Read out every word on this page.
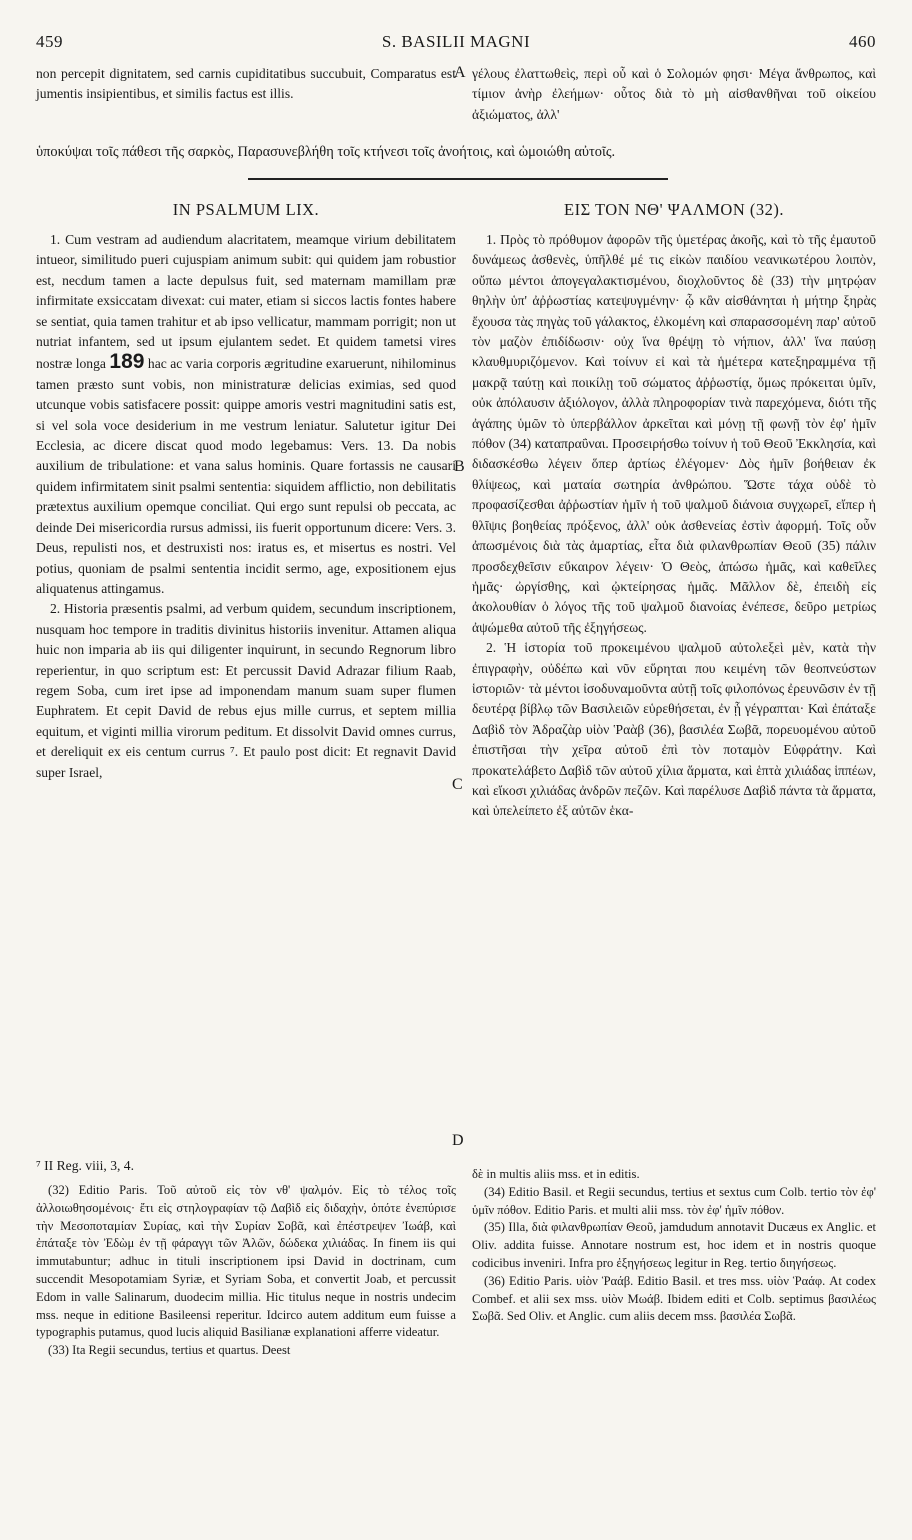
459	S. BASILII MAGNI	460

non percepit dignitatem, sed carnis cupiditatibus succubuit, Comparatus est jumentis insipientibus, et similis factus est illis.

A γέλους ἐλαττωθεὶς, περὶ οὗ καὶ ὁ Σολομών φησι· Μέγα ἄνθρωπος, καὶ τίμιον ἀνὴρ ἐλεήμων· οὗτος διὰ τὸ μὴ αἰσθανθῆναι τοῦ οἰκείου ἀξιώματος, ἀλλ'

ὑποκύψαι τοῖς πάθεσι τῆς σαρκὸς, Παρασυνεβλήθη τοῖς κτήνεσι τοῖς ἀνοήτοις, καὶ ὡμοιώθη αὐτοῖς.
IN PSALMUM LIX.	ΕΙΣ ΤΟΝ ΝΘ' ΨΑΛΜΟΝ (32).

1. Cum vestram ad audiendum alacritatem, meamque virium debilitatem intueor, similitudo pueri cujuspiam animum subit: qui quidem jam robustior est, necdum tamen a lacte depulsus fuit, sed maternam mamillam præ infirmitate exsiccatam divexat: cui mater, etiam si siccos lactis fontes habere se sentiat, quia tamen trahitur et ab ipso vellicatur, mammam porrigit; non ut nutriat infantem, sed ut ipsum ejulantem sedet. Et quidem tametsi vires nostræ longa 189 hac ac varia corporis ægritudine exaruerunt, nihilominus tamen præsto sunt vobis, non ministraturæ delicias eximias, sed quod utcunque vobis satisfacere possit: quippe amoris vestri magnitudini satis est, si vel sola voce desiderium in me vestrum leniatur. Salutetur igitur Dei Ecclesia, ac dicere discat quod modo legebamus: Vers. 13. Da nobis auxilium de tribulatione: et vana salus hominis. Quare fortassis ne causari quidem infirmitatem sinit psalmi sententia: siquidem afflictio, non debilitatis prætextus auxilium opemque conciliat. Qui ergo sunt repulsi ob peccata, ac deinde Dei misericordia rursus admissi, iis fuerit opportunum dicere: Vers. 3. Deus, repulisti nos, et destruxisti nos: iratus es, et misertus es nostri. Vel potius, quoniam de psalmi sententia incidit sermo, age, expositionem ejus aliquatenus attingamus.

2. Historia præsentis psalmi, ad verbum quidem, secundum inscriptionem, nusquam hoc tempore in traditis divinitus historiis invenitur. Attamen aliqua huic non imparia ab iis qui diligenter inquirunt, in secundo Regnorum libro reperientur, in quo scriptum est: Et percussit David Adrazar filium Raab, regem Soba, cum iret ipse ad imponendam manum suam super flumen Euphratem. Et cepit David de rebus ejus mille currus, et septem millia equitum, et viginti millia virorum peditum. Et dissolvit David omnes currus, et dereliquit ex eis centum currus ⁷. Et paulo post dicit: Et regnavit David super Israel,

B
C
D

1. Πρὸς τὸ πρόθυμον ἀφορῶν τῆς ὑμετέρας ἀκοῆς, καὶ τὸ τῆς ἐμαυτοῦ δυνάμεως ἀσθενὲς, ὑπῆλθέ μέ τις εἰκὼν παιδίου νεανικωτέρου λοιπὸν, οὔπω μέντοι ἀπογεγαλακτισμένου, διοχλοῦντος δὲ (33) τὴν μητρῴαν θηλὴν ὑπ' ἀῤῥωστίας κατεψυγμένην· ᾧ κἂν αἰσθάνηται ἡ μήτηρ ξηρὰς ἔχουσα τὰς πηγὰς τοῦ γάλακτος, ἑλκομένη καὶ σπαρασσομένη παρ' αὐτοῦ τὸν μαζὸν ἐπιδίδωσιν· οὐχ ἵνα θρέψῃ τὸ νήπιον, ἀλλ' ἵνα παύσῃ κλαυθμυριζόμενον. Καὶ τοίνυν εἰ καὶ τὰ ἡμέτερα κατεξηραμμένα τῇ μακρᾷ ταύτῃ καὶ ποικίλῃ τοῦ σώματος ἀῤῥωστίᾳ, ὅμως πρόκειται ὑμῖν, οὐκ ἀπόλαυσιν ἀξιόλογον, ἀλλὰ πληροφορίαν τινὰ παρεχόμενα, διότι τῆς ἀγάπης ὑμῶν τὸ ὑπερβάλλον ἀρκεῖται καὶ μόνῃ τῇ φωνῇ τὸν ἐφ' ἡμῖν πόθον (34) καταπραΰναι. Προσειρήσθω τοίνυν ἡ τοῦ Θεοῦ Ἐκκλησία, καὶ διδασκέσθω λέγειν ὅπερ ἀρτίως ἐλέγομεν· Δὸς ἡμῖν βοήθειαν ἐκ θλίψεως, καὶ ματαία σωτηρία ἀνθρώπου. Ὥστε τάχα οὐδὲ τὸ προφασίζεσθαι ἀῤῥωστίαν ἡμῖν ἡ τοῦ ψαλμοῦ διάνοια συγχωρεῖ, εἴπερ ἡ θλῖψις βοηθείας πρόξενος, ἀλλ' οὐκ ἀσθενείας ἐστὶν ἀφορμή. Τοῖς οὖν ἀπωσμένοις διὰ τὰς ἁμαρτίας, εἶτα διὰ φιλανθρωπίαν Θεοῦ (35) πάλιν προσδεχθεῖσιν εὔκαιρον λέγειν· Ὁ Θεὸς, ἀπώσω ἡμᾶς, καὶ καθεῖλες ἡμᾶς· ὠργίσθης, καὶ ᾠκτείρησας ἡμᾶς. Μᾶλλον δὲ, ἐπειδὴ εἰς ἀκολουθίαν ὁ λόγος τῆς τοῦ ψαλμοῦ διανοίας ἐνέπεσε, δεῦρο μετρίως ἀψώμεθα αὐτοῦ τῆς ἐξηγήσεως.

2. Ἡ ἱστορία τοῦ προκειμένου ψαλμοῦ αὐτολεξεὶ μὲν, κατὰ τὴν ἐπιγραφὴν, οὐδέπω καὶ νῦν εὕρηται που κειμένη τῶν θεοπνεύστων ἱστοριῶν· τὰ μέντοι ἰσοδυναμοῦντα αὐτῇ τοῖς φιλοπόνως ἐρευνῶσιν ἐν τῇ δευτέρᾳ βίβλῳ τῶν Βασιλειῶν εὑρεθήσεται, ἐν ᾗ γέγραπται· Καὶ ἐπάταξε Δαβὶδ τὸν Ἀδραζὰρ υἱὸν Ῥαὰβ (36), βασιλέα Σωβᾶ, πορευομένου αὐτοῦ ἐπιστῆσαι τὴν χεῖρα αὐτοῦ ἐπὶ τὸν ποταμὸν Εὐφράτην. Καὶ προκατελάβετο Δαβὶδ τῶν αὐτοῦ χίλια ἅρματα, καὶ ἑπτὰ χιλιάδας ἱππέων, καὶ εἴκοσι χιλιάδας ἀνδρῶν πεζῶν. Καὶ παρέλυσε Δαβὶδ πάντα τὰ ἅρματα, καὶ ὑπελείπετο ἐξ αὐτῶν ἑκα-

⁷ II Reg. viii, 3, 4.

(32) Editio Paris. Τοῦ αὐτοῦ εἰς τὸν νθ' ψαλμόν. Εἰς τὸ τέλος τοῖς ἀλλοιωθησομένοις· ἔτι εἰς στηλογραφίαν τῷ Δαβὶδ εἰς διδαχὴν, ὁπότε ἐνεπύρισε τὴν Μεσοποταμίαν Συρίας, καὶ τὴν Συρίαν Σοβᾶ, καὶ ἐπέστρεψεν Ἰωάβ, καὶ ἐπάταξε τὸν Ἐδὼμ ἐν τῇ φάραγγι τῶν Ἀλῶν, δώδεκα χιλιάδας. In finem iis qui immutabuntur; adhuc in tituli inscriptionem ipsi David in doctrinam, cum succendit Mesopotamiam Syriæ, et Syriam Soba, et convertit Joab, et percussit Edom in valle Salinarum, duodecim millia. Hic titulus neque in nostris undecim mss. neque in editione Basileensi reperitur. Idcirco autem additum eum fuisse a typographis putamus, quod lucis aliquid Basilianæ explanationi afferre videatur.

(33) Ita Regii secundus, tertius et quartus. Deest

δὲ in multis aliis mss. et in editis.

(34) Editio Basil. et Regii secundus, tertius et sextus cum Colb. tertio τὸν ἐφ' ὑμῖν πόθον. Editio Paris. et multi alii mss. τὸν ἐφ' ἡμῖν πόθον.

(35) Illa, διὰ φιλανθρωπίαν Θεοῦ, jamdudum annotavit Ducæus ex Anglic. et Oliv. addita fuisse. Annotare nostrum est, hoc idem et in nostris quoque codicibus inveniri. Infra pro ἐξηγήσεως legitur in Reg. tertio διηγήσεως.

(36) Editio Paris. υἱὸν Ῥαάβ. Editio Basil. et tres mss. υἱὸν Ῥαάφ. At codex Combef. et alii sex mss. υἱὸν Μωάβ. Ibidem editi et Colb. septimus βασιλέως Σωβᾶ. Sed Oliv. et Anglic. cum aliis decem mss. βασιλέα Σωβᾶ.
